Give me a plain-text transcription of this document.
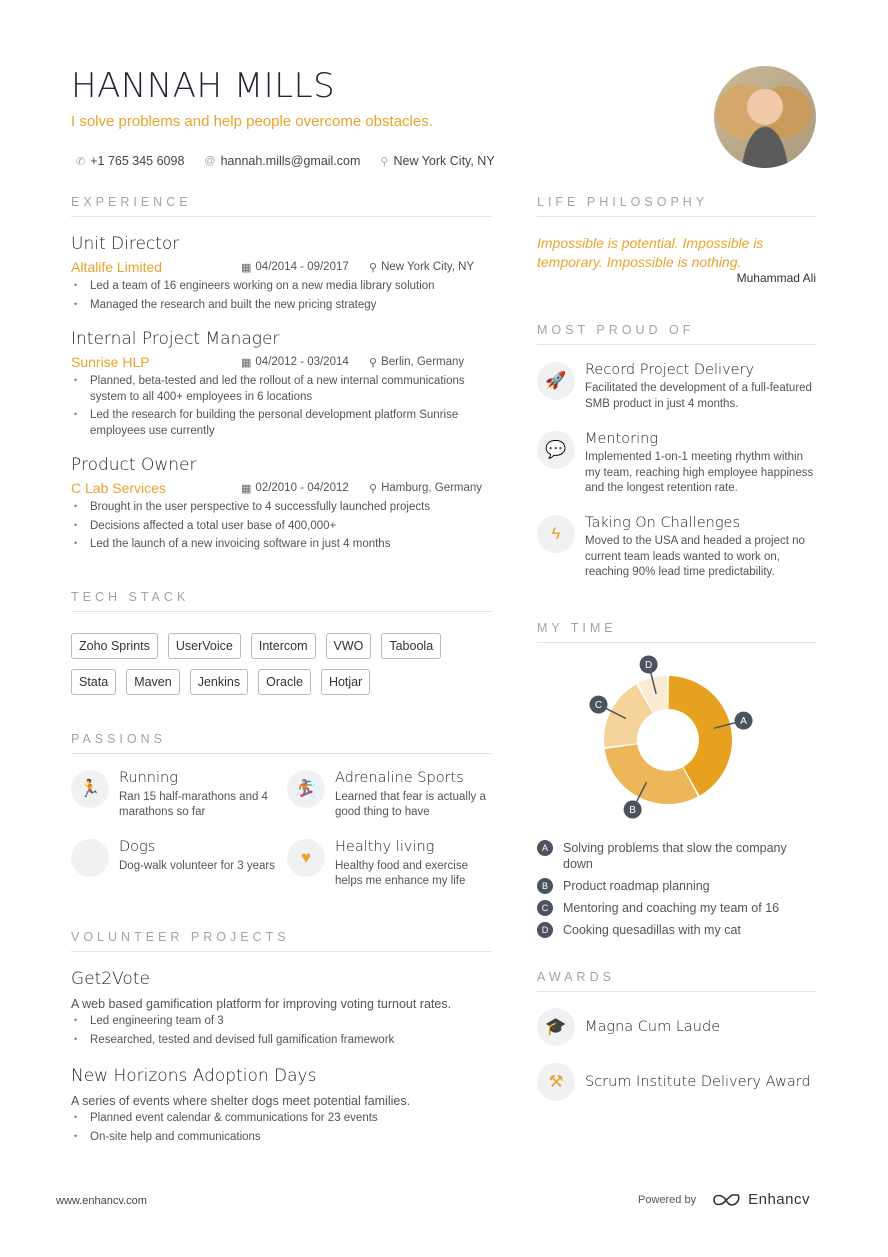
HANNAH MILLS
I solve problems and help people overcome obstacles.
✆ +1 765 345 6098 @ hannah.mills@gmail.com ⚲ New York City, NY
EXPERIENCE
Unit Director
Altalife Limited	▦ 04/2014 - 09/2017 ⚲ New York City, NY
• Led a team of 16 engineers working on a new media library solution
• Managed the research and built the new pricing strategy
Internal Project Manager
Sunrise HLP	▦ 04/2012 - 03/2014 ⚲ Berlin, Germany
• Planned, beta-tested and led the rollout of a new internal communications system to all 400+ employees in 6 locations
• Led the research for building the personal development platform Sunrise employees use currently
Product Owner
C Lab Services	▦ 02/2010 - 04/2012 ⚲ Hamburg, Germany
• Brought in the user perspective to 4 successfully launched projects
• Decisions affected a total user base of 400,000+
• Led the launch of a new invoicing software in just 4 months
TECH STACK
Zoho Sprints	UserVoice	Intercom	VWO	Taboola
Stata	Maven	Jenkins	Oracle	Hotjar
PASSIONS
🏃
Running
Ran 15 half-marathons and 4 marathons so far
🏂
Adrenaline Sports
Learned that fear is actually a good thing to have
Dogs
Dog-walk volunteer for 3 years	♥
Healthy living
Healthy food and exercise helps me enhance my life
VOLUNTEER PROJECTS
Get2Vote
A web based gamification platform for improving voting turnout rates.
• Led engineering team of 3
• Researched, tested and devised full gamification framework
New Horizons Adoption Days
A series of events where shelter dogs meet potential families.
• Planned event calendar & communications for 23 events
• On-site help and communications
LIFE PHILOSOPHY
Impossible is potential. Impossible is temporary. Impossible is nothing.
Muhammad Ali
MOST PROUD OF
🚀
Record Project Delivery
Facilitated the development of a full-featured SMB product in just 4 months.
💬
Mentoring
Implemented 1-on-1 meeting rhythm within my team, reaching high employee happiness and the longest retention rate.
ϟ
Taking On Challenges
Moved to the USA and headed a project no current team leads wanted to work on, reaching 90% lead time predictability.
MY TIME
A
B
C
D
A	Solving problems that slow the company down
B	Product roadmap planning
C	Mentoring and coaching my team of 16
D	Cooking quesadillas with my cat
AWARDS
🎓	Magna Cum Laude
⚒	Scrum Institute Delivery Award
www.enhancv.com	Powered by	Enhancv
